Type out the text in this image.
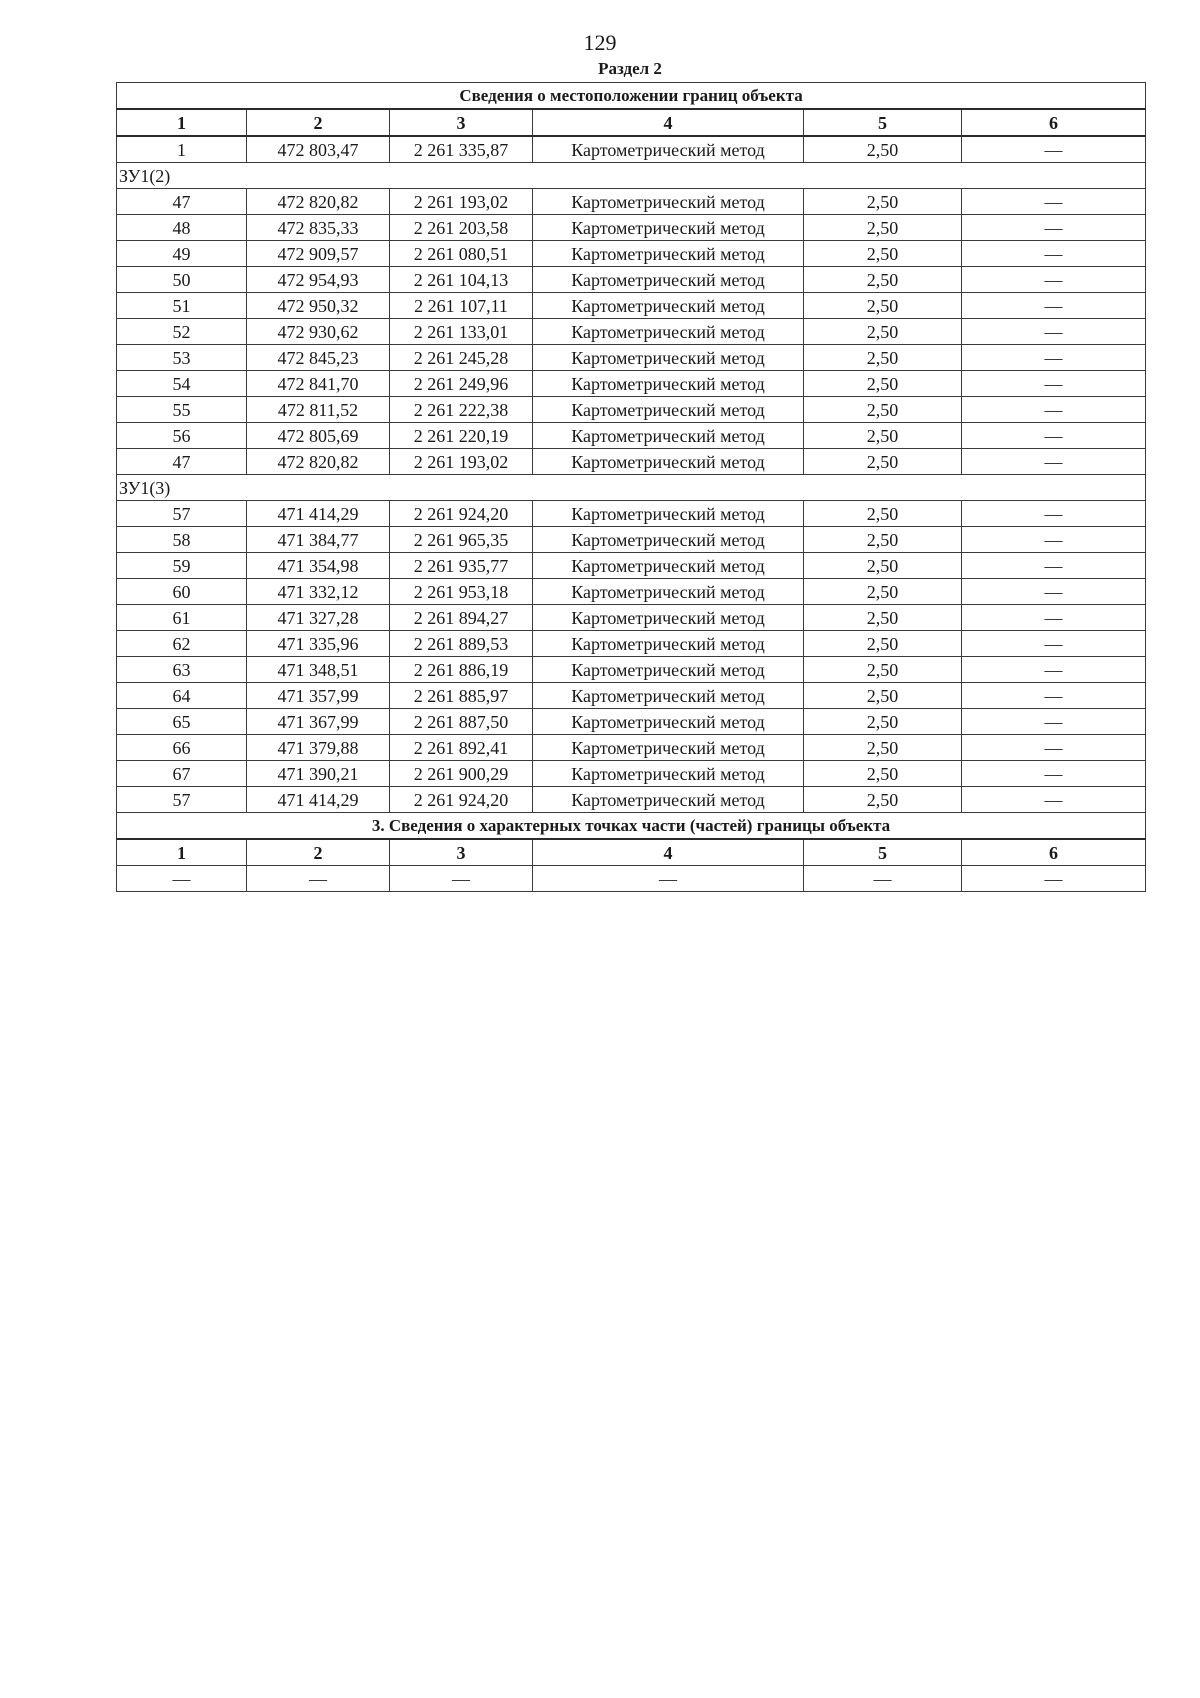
129
Раздел 2
Сведения о местоположении границ объекта					
1	2	3	4	5	6
1	472 803,47	2 261 335,87	Картометрический метод	2,50	—
ЗУ1(2)					
47	472 820,82	2 261 193,02	Картометрический метод	2,50	—
48	472 835,33	2 261 203,58	Картометрический метод	2,50	—
49	472 909,57	2 261 080,51	Картометрический метод	2,50	—
50	472 954,93	2 261 104,13	Картометрический метод	2,50	—
51	472 950,32	2 261 107,11	Картометрический метод	2,50	—
52	472 930,62	2 261 133,01	Картометрический метод	2,50	—
53	472 845,23	2 261 245,28	Картометрический метод	2,50	—
54	472 841,70	2 261 249,96	Картометрический метод	2,50	—
55	472 811,52	2 261 222,38	Картометрический метод	2,50	—
56	472 805,69	2 261 220,19	Картометрический метод	2,50	—
47	472 820,82	2 261 193,02	Картометрический метод	2,50	—
ЗУ1(3)					
57	471 414,29	2 261 924,20	Картометрический метод	2,50	—
58	471 384,77	2 261 965,35	Картометрический метод	2,50	—
59	471 354,98	2 261 935,77	Картометрический метод	2,50	—
60	471 332,12	2 261 953,18	Картометрический метод	2,50	—
61	471 327,28	2 261 894,27	Картометрический метод	2,50	—
62	471 335,96	2 261 889,53	Картометрический метод	2,50	—
63	471 348,51	2 261 886,19	Картометрический метод	2,50	—
64	471 357,99	2 261 885,97	Картометрический метод	2,50	—
65	471 367,99	2 261 887,50	Картометрический метод	2,50	—
66	471 379,88	2 261 892,41	Картометрический метод	2,50	—
67	471 390,21	2 261 900,29	Картометрический метод	2,50	—
57	471 414,29	2 261 924,20	Картометрический метод	2,50	—
3. Сведения о характерных точках части (частей) границы объекта					
1	2	3	4	5	6
—	—	—	—	—	—
